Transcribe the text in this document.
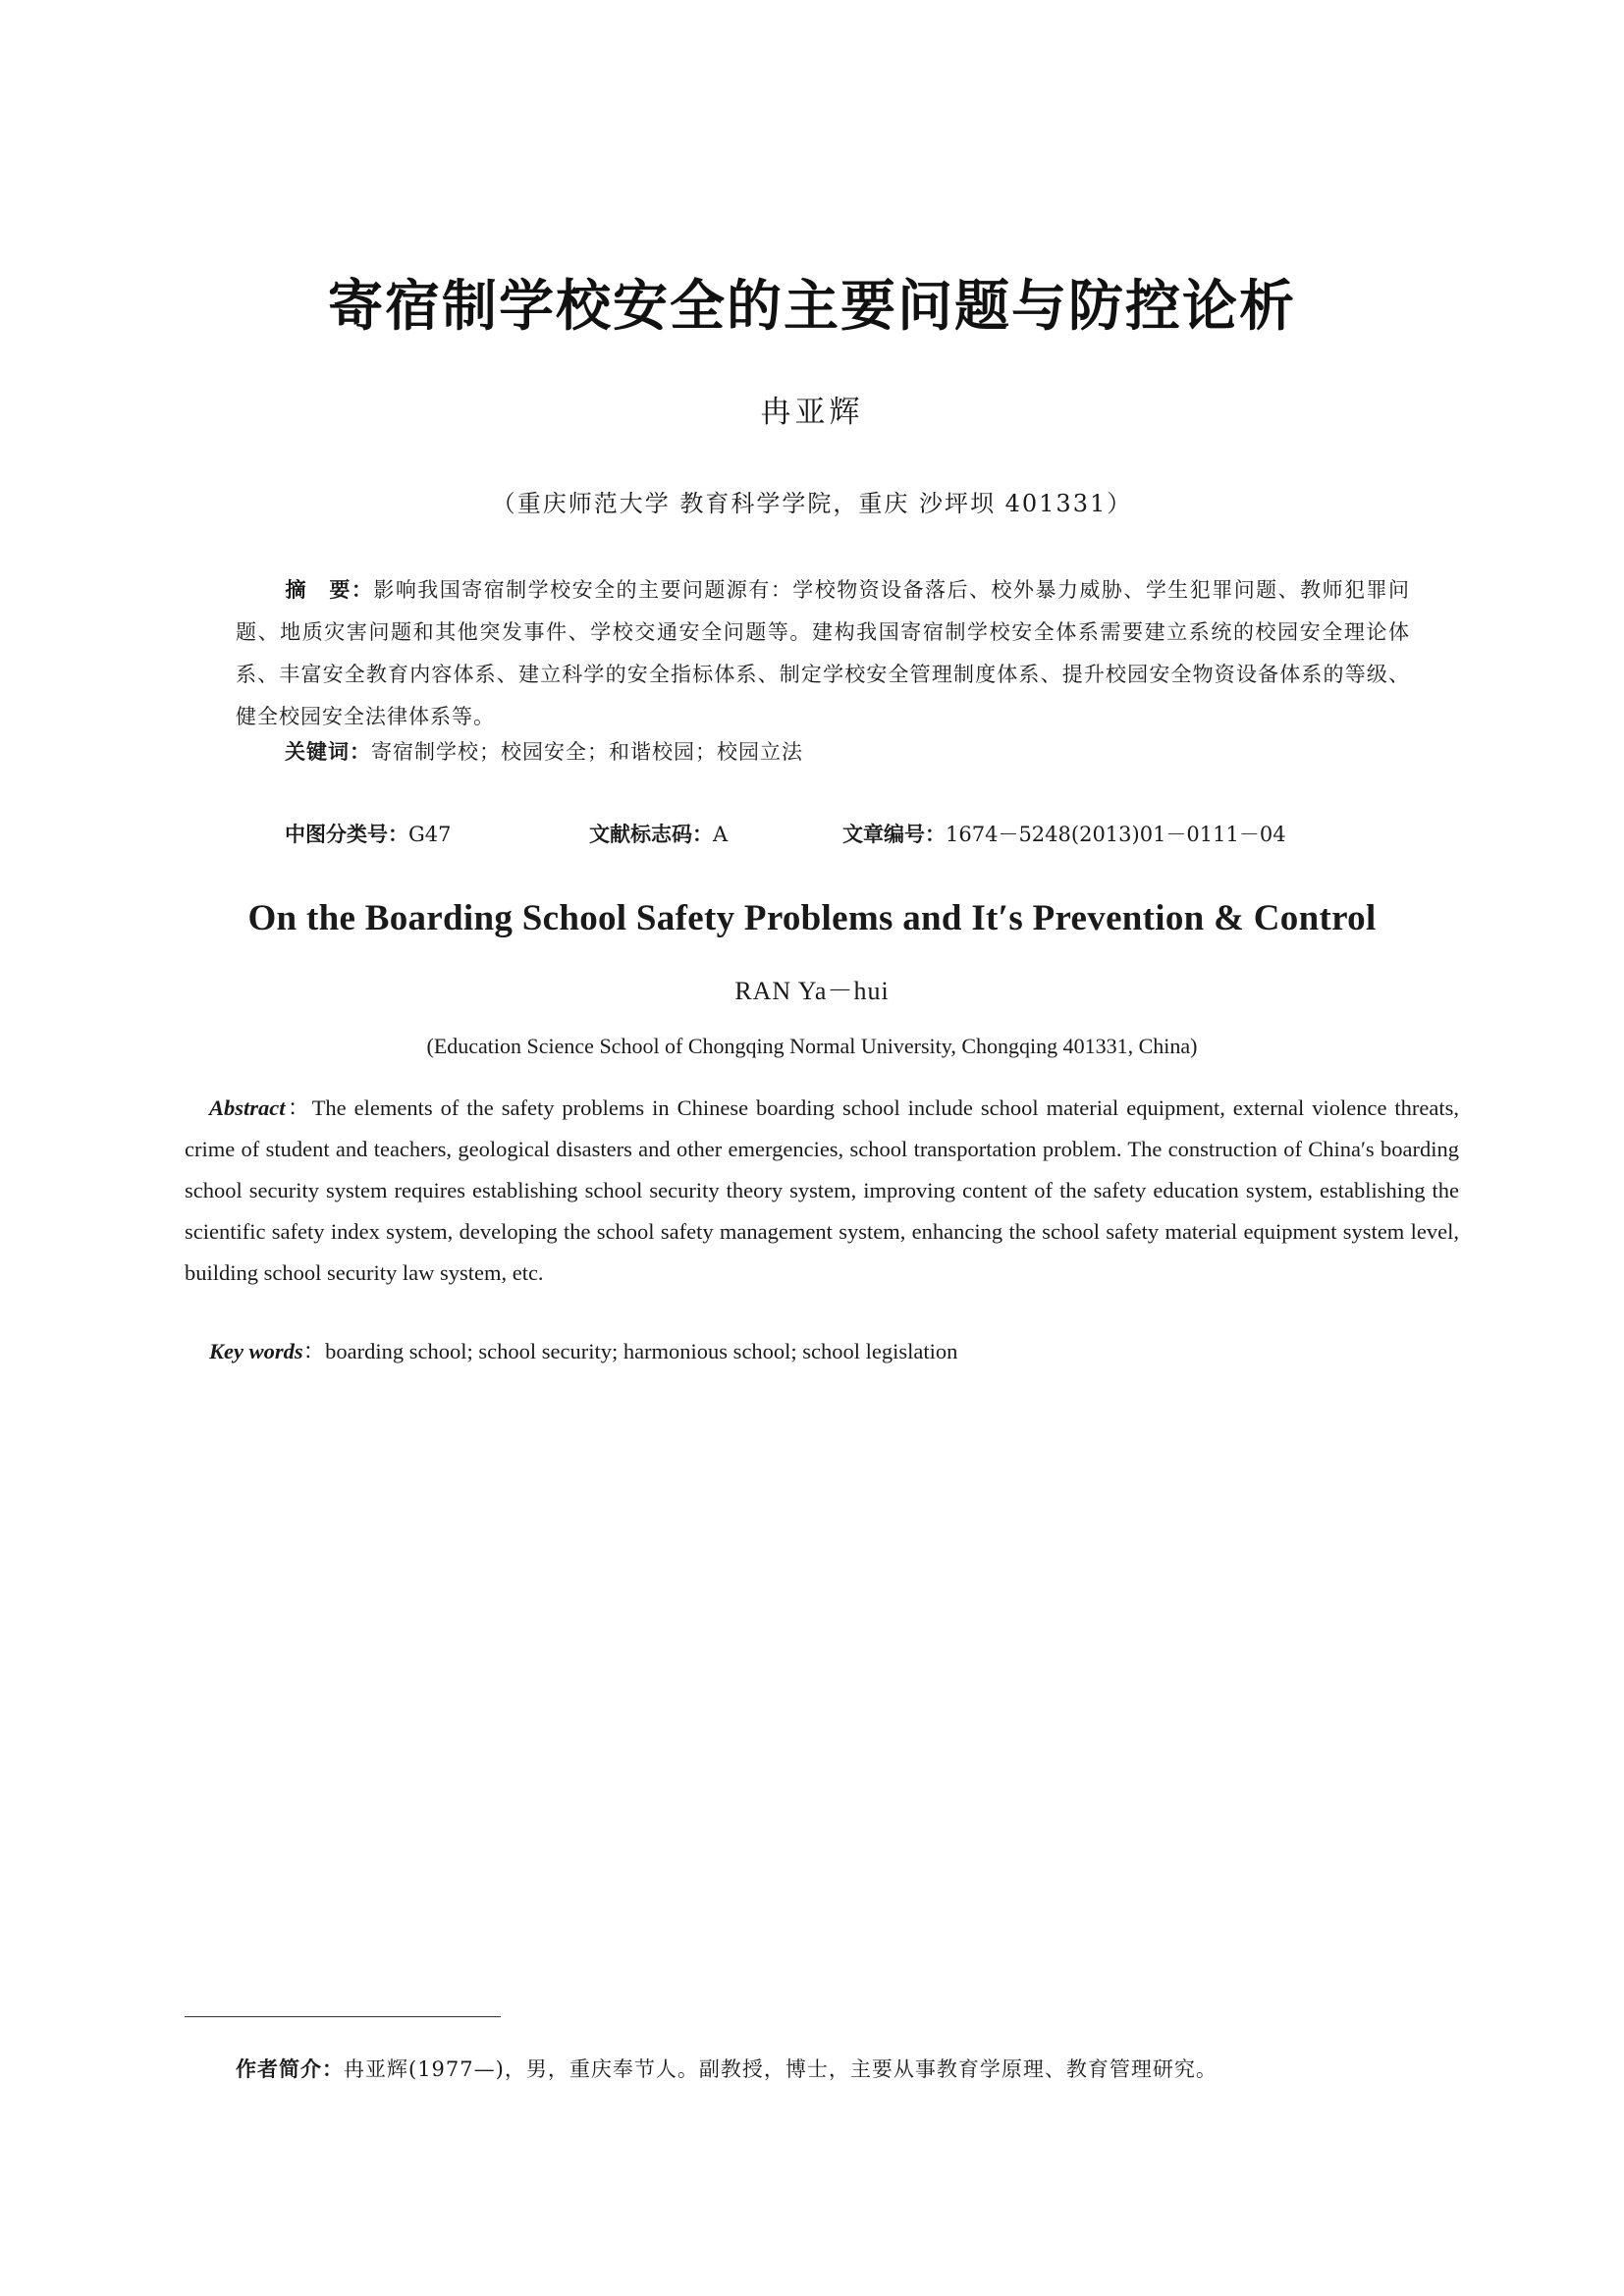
寄宿制学校安全的主要问题与防控论析
冉亚辉
（重庆师范大学 教育科学学院，重庆 沙坪坝 401331）
摘　要：影响我国寄宿制学校安全的主要问题源有：学校物资设备落后、校外暴力威胁、学生犯罪问题、教师犯罪问题、地质灾害问题和其他突发事件、学校交通安全问题等。建构我国寄宿制学校安全体系需要建立系统的校园安全理论体系、丰富安全教育内容体系、建立科学的安全指标体系、制定学校安全管理制度体系、提升校园安全物资设备体系的等级、健全校园安全法律体系等。
关键词：寄宿制学校；校园安全；和谐校园；校园立法
中图分类号：G47	文献标志码：A	文章编号：1674－5248(2013)01－0111－04
On the Boarding School Safety Problems and It′s Prevention & Control
RAN Ya－hui
(Education Science School of Chongqing Normal University, Chongqing 401331, China)
Abstract：The elements of the safety problems in Chinese boarding school include school material equipment, external violence threats, crime of student and teachers, geological disasters and other emergencies, school transportation problem. The construction of China′s boarding school security system requires establishing school security theory system, improving content of the safety education system, establishing the scientific safety index system, developing the school safety management system, enhancing the school safety material equipment system level, building school security law system, etc.
Key words：boarding school; school security; harmonious school; school legislation
作者简介：冉亚辉(1977—)，男，重庆奉节人。副教授，博士，主要从事教育学原理、教育管理研究。
